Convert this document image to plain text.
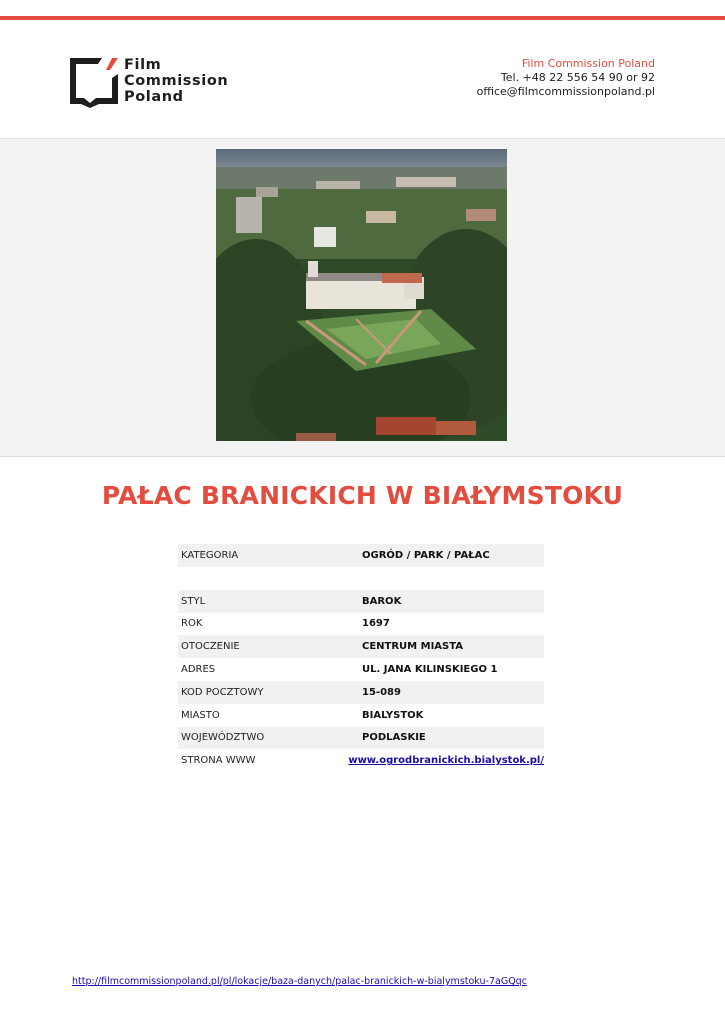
Film
Commission
Poland
Film Commission Poland
Tel. +48 22 556 54 90 or 92
office@filmcommissionpoland.pl
PAŁAC BRANICKICH W BIAŁYMSTOKU
KATEGORIA	OGRÓD / PARK / PAŁAC
STYL	BAROK
ROK	1697
OTOCZENIE	CENTRUM MIASTA
ADRES	UL. JANA KILINSKIEGO 1
KOD POCZTOWY	15-089
MIASTO	BIALYSTOK
WOJEWÓDZTWO	PODLASKIE
STRONA WWW	www.ogrodbranickich.bialystok.pl/
http://filmcommissionpoland.pl/pl/lokacje/baza-danych/palac-branickich-w-bialymstoku-7aGQqc
